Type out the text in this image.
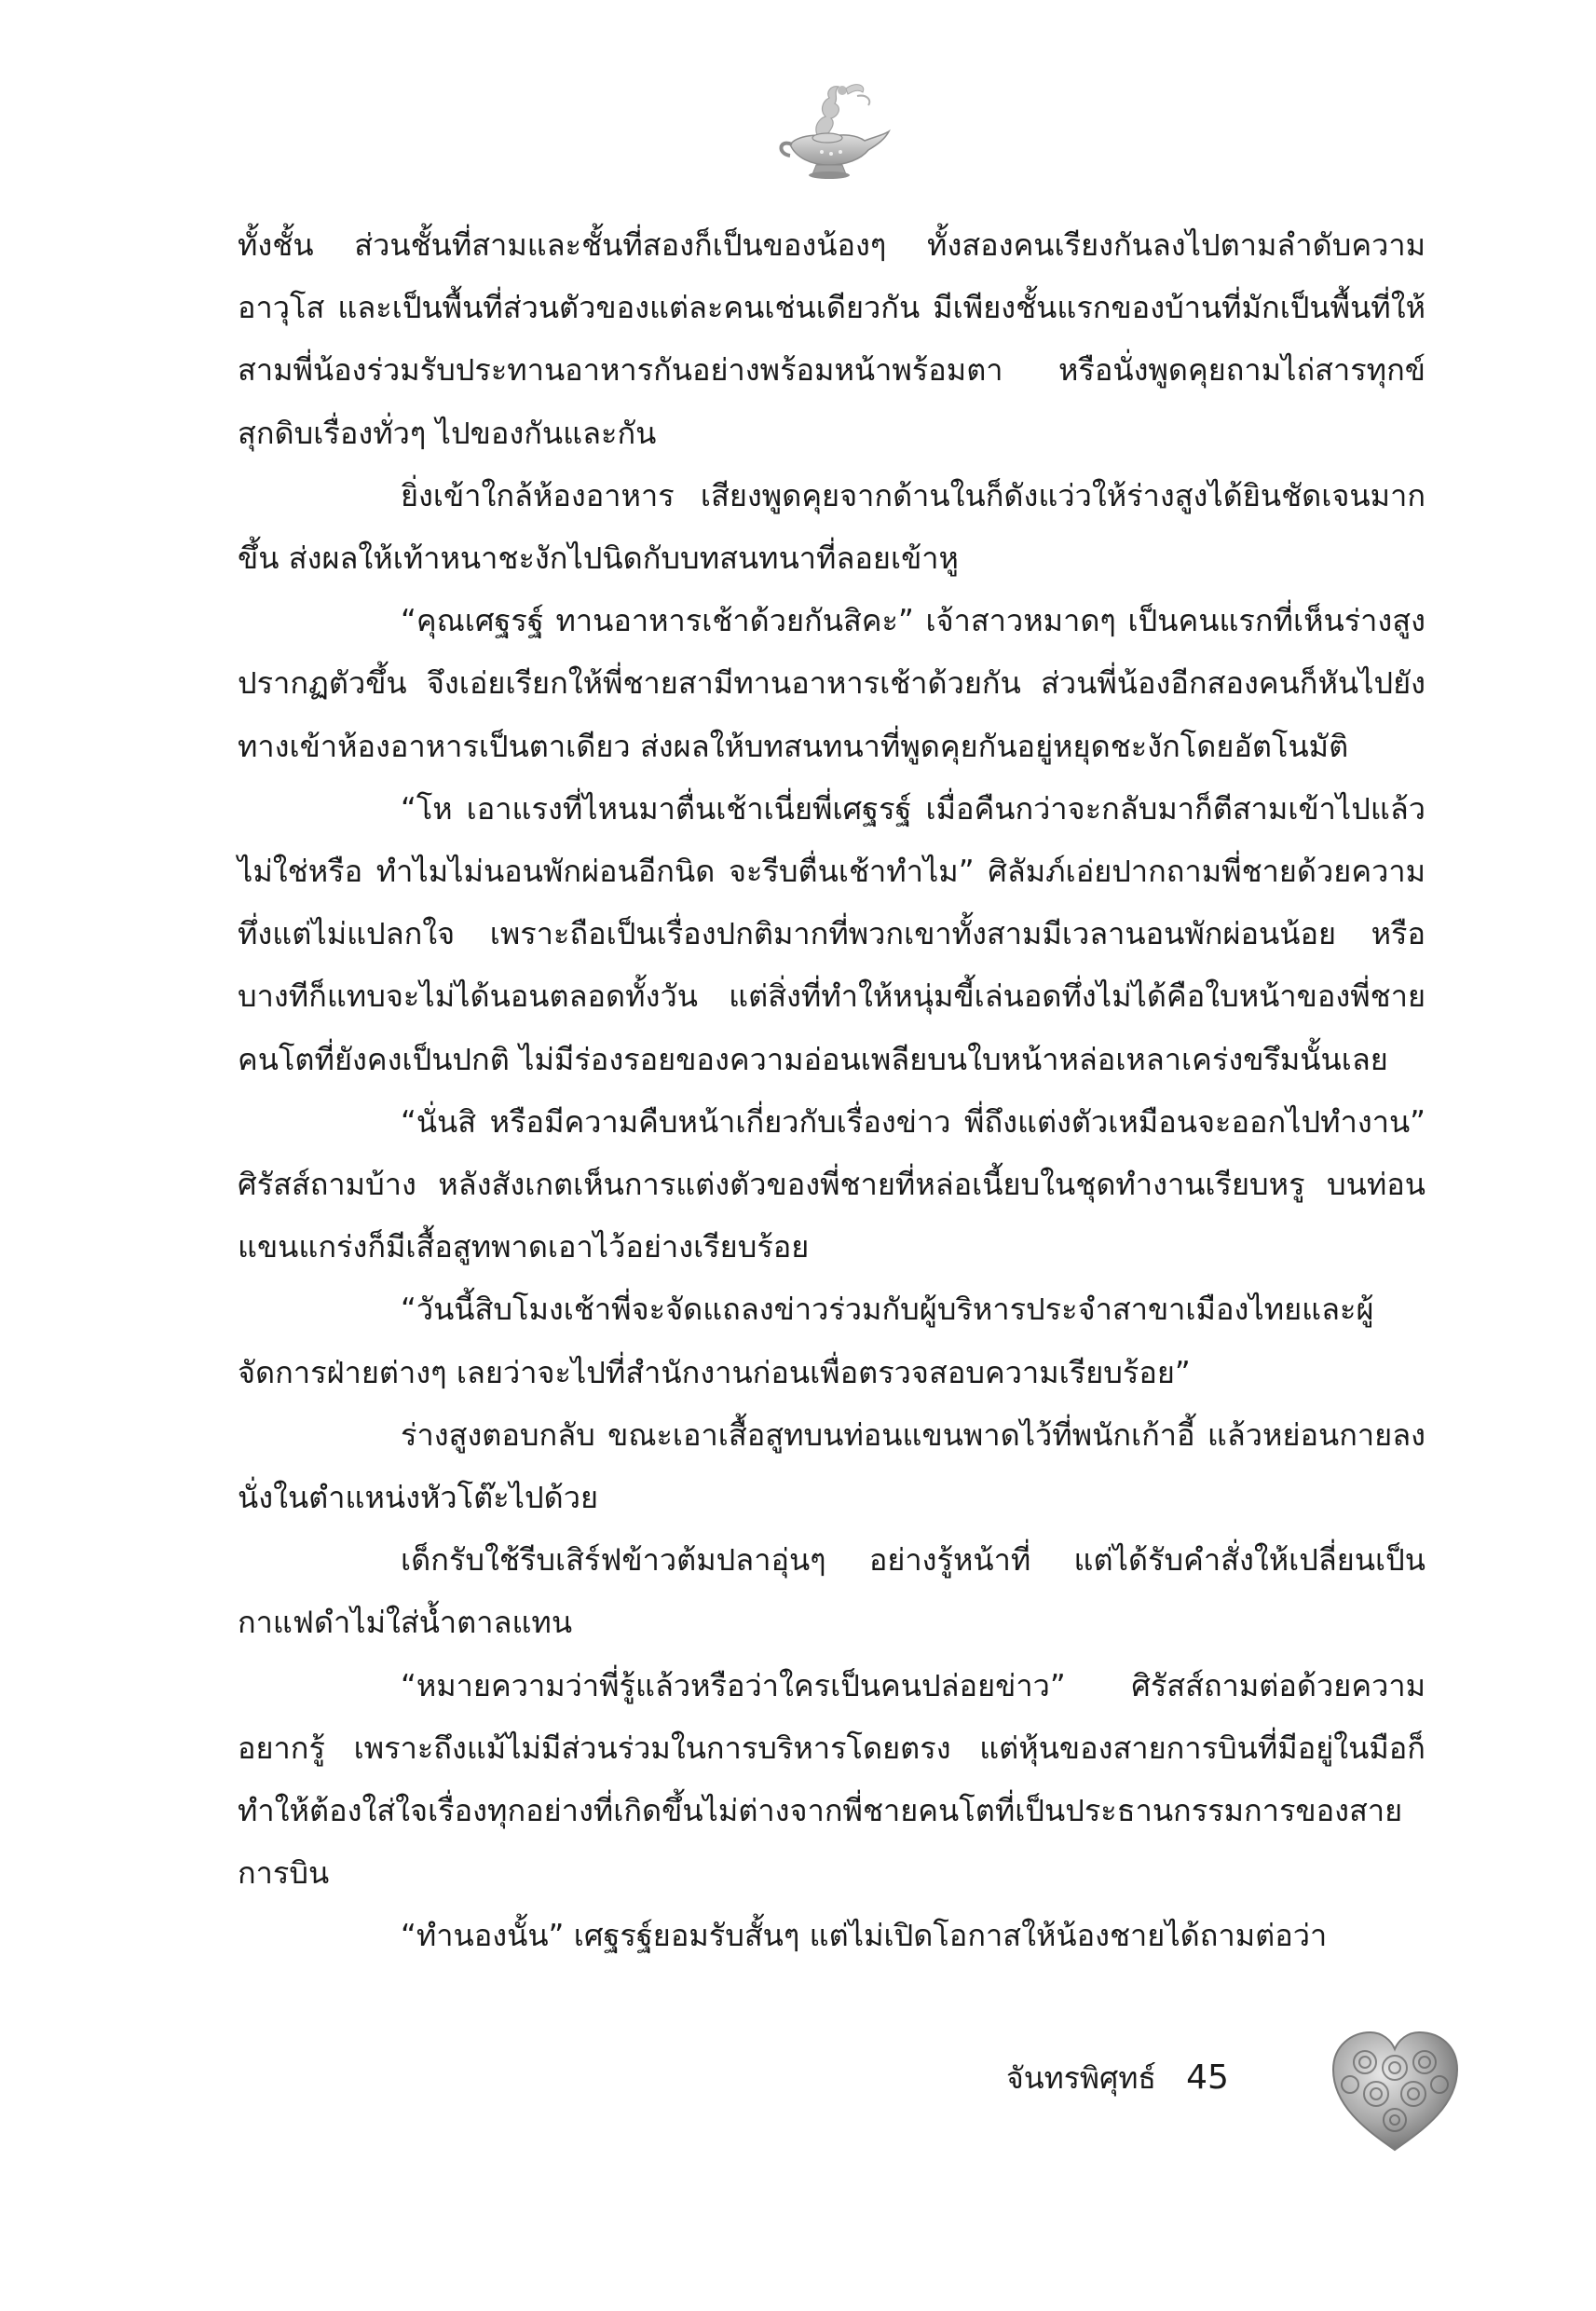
ทั้งชั้น ส่วนชั้นที่สามและชั้นที่สองก็เป็นของน้องๆ ทั้งสองคนเรียงกันลงไปตามลำดับความอาวุโส และเป็นพื้นที่ส่วนตัวของแต่ละคนเช่นเดียวกัน มีเพียงชั้นแรกของบ้านที่มักเป็นพื้นที่ให้สามพี่น้องร่วมรับประทานอาหารกันอย่างพร้อมหน้าพร้อมตา หรือนั่งพูดคุยถามไถ่สารทุกข์สุกดิบเรื่องทั่วๆ ไปของกันและกัน

ยิ่งเข้าใกล้ห้องอาหาร เสียงพูดคุยจากด้านในก็ดังแว่วให้ร่างสูงได้ยินชัดเจนมากขึ้น ส่งผลให้เท้าหนาชะงักไปนิดกับบทสนทนาที่ลอยเข้าหู

“คุณเศฐรฐ์ ทานอาหารเช้าด้วยกันสิคะ” เจ้าสาวหมาดๆ เป็นคนแรกที่เห็นร่างสูงปรากฏตัวขึ้น จึงเอ่ยเรียกให้พี่ชายสามีทานอาหารเช้าด้วยกัน ส่วนพี่น้องอีกสองคนก็หันไปยังทางเข้าห้องอาหารเป็นตาเดียว ส่งผลให้บทสนทนาที่พูดคุยกันอยู่หยุดชะงักโดยอัตโนมัติ

“โห เอาแรงที่ไหนมาตื่นเช้าเนี่ยพี่เศฐรฐ์ เมื่อคืนกว่าจะกลับมาก็ตีสามเข้าไปแล้วไม่ใช่หรือ ทำไมไม่นอนพักผ่อนอีกนิด จะรีบตื่นเช้าทำไม” ศิลัมภ์เอ่ยปากถามพี่ชายด้วยความทึ่งแต่ไม่แปลกใจ เพราะถือเป็นเรื่องปกติมากที่พวกเขาทั้งสามมีเวลานอนพักผ่อนน้อย หรือบางทีก็แทบจะไม่ได้นอนตลอดทั้งวัน แต่สิ่งที่ทำให้หนุ่มขี้เล่นอดทึ่งไม่ได้คือใบหน้าของพี่ชายคนโตที่ยังคงเป็นปกติ ไม่มีร่องรอยของความอ่อนเพลียบนใบหน้าหล่อเหลาเคร่งขรึมนั้นเลย

“นั่นสิ หรือมีความคืบหน้าเกี่ยวกับเรื่องข่าว พี่ถึงแต่งตัวเหมือนจะออกไปทำงาน” ศิรัสส์ถามบ้าง หลังสังเกตเห็นการแต่งตัวของพี่ชายที่หล่อเนี้ยบในชุดทำงานเรียบหรู บนท่อนแขนแกร่งก็มีเสื้อสูทพาดเอาไว้อย่างเรียบร้อย

“วันนี้สิบโมงเช้าพี่จะจัดแถลงข่าวร่วมกับผู้บริหารประจำสาขาเมืองไทยและผู้จัดการฝ่ายต่างๆ เลยว่าจะไปที่สำนักงานก่อนเพื่อตรวจสอบความเรียบร้อย”

ร่างสูงตอบกลับ ขณะเอาเสื้อสูทบนท่อนแขนพาดไว้ที่พนักเก้าอี้ แล้วหย่อนกายลงนั่งในตำแหน่งหัวโต๊ะไปด้วย

เด็กรับใช้รีบเสิร์ฟข้าวต้มปลาอุ่นๆ อย่างรู้หน้าที่ แต่ได้รับคำสั่งให้เปลี่ยนเป็นกาแฟดำไม่ใส่น้ำตาลแทน

“หมายความว่าพี่รู้แล้วหรือว่าใครเป็นคนปล่อยข่าว” ศิรัสส์ถามต่อด้วยความอยากรู้ เพราะถึงแม้ไม่มีส่วนร่วมในการบริหารโดยตรง แต่หุ้นของสายการบินที่มีอยู่ในมือก็ทำให้ต้องใส่ใจเรื่องทุกอย่างที่เกิดขึ้นไม่ต่างจากพี่ชายคนโตที่เป็นประธานกรรมการของสายการบิน

“ทำนองนั้น” เศฐรฐ์ยอมรับสั้นๆ แต่ไม่เปิดโอกาสให้น้องชายได้ถามต่อว่า

จันทรพิศุทธ์ 45
